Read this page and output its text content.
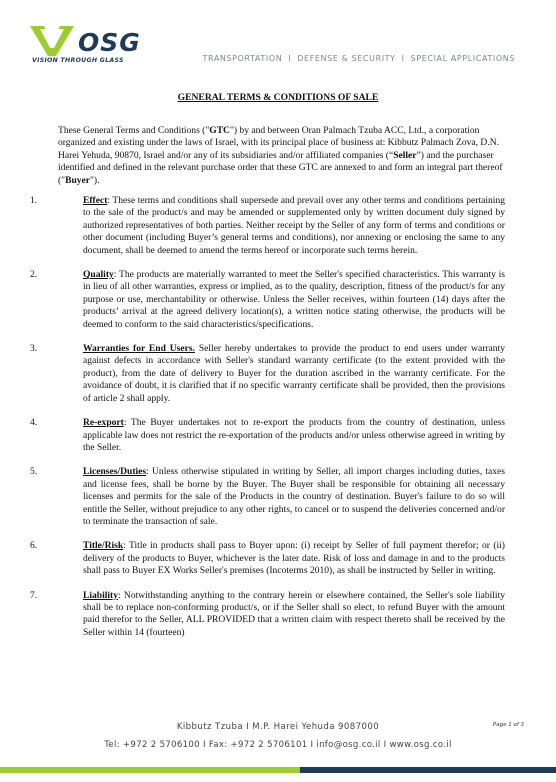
OSG
VISION THROUGH GLASS	TRANSPORTATION I DEFENSE & SECURITY I SPECIAL APPLICATIONS
GENERAL TERMS & CONDITIONS OF SALE
These General Terms and Conditions ("GTC") by and between Oran Palmach Tzuba ACC, Ltd., a corporation organized and existing under the laws of Israel, with its principal place of business at: Kibbutz Palmach Zova, D.N. Harei Yehuda, 90870, Israel and/or any of its subsidiaries and/or affiliated companies (“Seller”) and the purchaser identified and defined in the relevant purchase order that these GTC are annexed to and form an integral part thereof ("Buyer").
1.	Effect: These terms and conditions shall supersede and prevail over any other terms and conditions pertaining to the sale of the product/s and may be amended or supplemented only by written document duly signed by authorized representatives of both parties. Neither receipt by the Seller of any form of terms and conditions or other document (including Buyer’s general terms and conditions), nor annexing or enclosing the same to any document, shall be deemed to amend the terms hereof or incorporate such terms herein.
2.	Quality: The products are materially warranted to meet the Seller's specified characteristics. This warranty is in lieu of all other warranties, express or implied, as to the quality, description, fitness of the product/s for any purpose or use, merchantability or otherwise. Unless the Seller receives, within fourteen (14) days after the products’ arrival at the agreed delivery location(s), a written notice stating otherwise, the products will be deemed to conform to the said characteristics/specifications.
3.	Warranties for End Users. Seller hereby undertakes to provide the product to end users under warranty against defects in accordance with Seller's standard warranty certificate (to the extent provided with the product), from the date of delivery to Buyer for the duration ascribed in the warranty certificate. For the avoidance of doubt, it is clarified that if no specific warranty certificate shall be provided, then the provisions of article 2 shall apply.
4.	Re-export: The Buyer undertakes not to re-export the products from the country of destination, unless applicable law does not restrict the re-exportation of the products and/or unless otherwise agreed in writing by the Seller.
5.	Licenses/Duties: Unless otherwise stipulated in writing by Seller, all import charges including duties, taxes and license fees, shall be borne by the Buyer. The Buyer shall be responsible for obtaining all necessary licenses and permits for the sale of the Products in the country of destination. Buyer's failure to do so will entitle the Seller, without prejudice to any other rights, to cancel or to suspend the deliveries concerned and/or to terminate the transaction of sale.
6.	Title/Risk: Title in products shall pass to Buyer upon: (i) receipt by Seller of full payment therefor; or (ii) delivery of the products to Buyer, whichever is the later date. Risk of loss and damage in and to the products shall pass to Buyer EX Works Seller's premises (Incoterms 2010), as shall be instructed by Seller in writing.
7.	Liability: Notwithstanding anything to the contrary herein or elsewhere contained, the Seller's sole liability shall be to replace non-conforming product/s, or if the Seller shall so elect, to refund Buyer with the amount paid therefor to the Seller, ALL PROVIDED that a written claim with respect thereto shall be received by the Seller within 14 (fourteen)
Kibbutz Tzuba I M.P. Harei Yehuda 9087000	Page 1 of 3
Tel: +972 2 5706100 I Fax: +972 2 5706101 I info@osg.co.il I www.osg.co.il
